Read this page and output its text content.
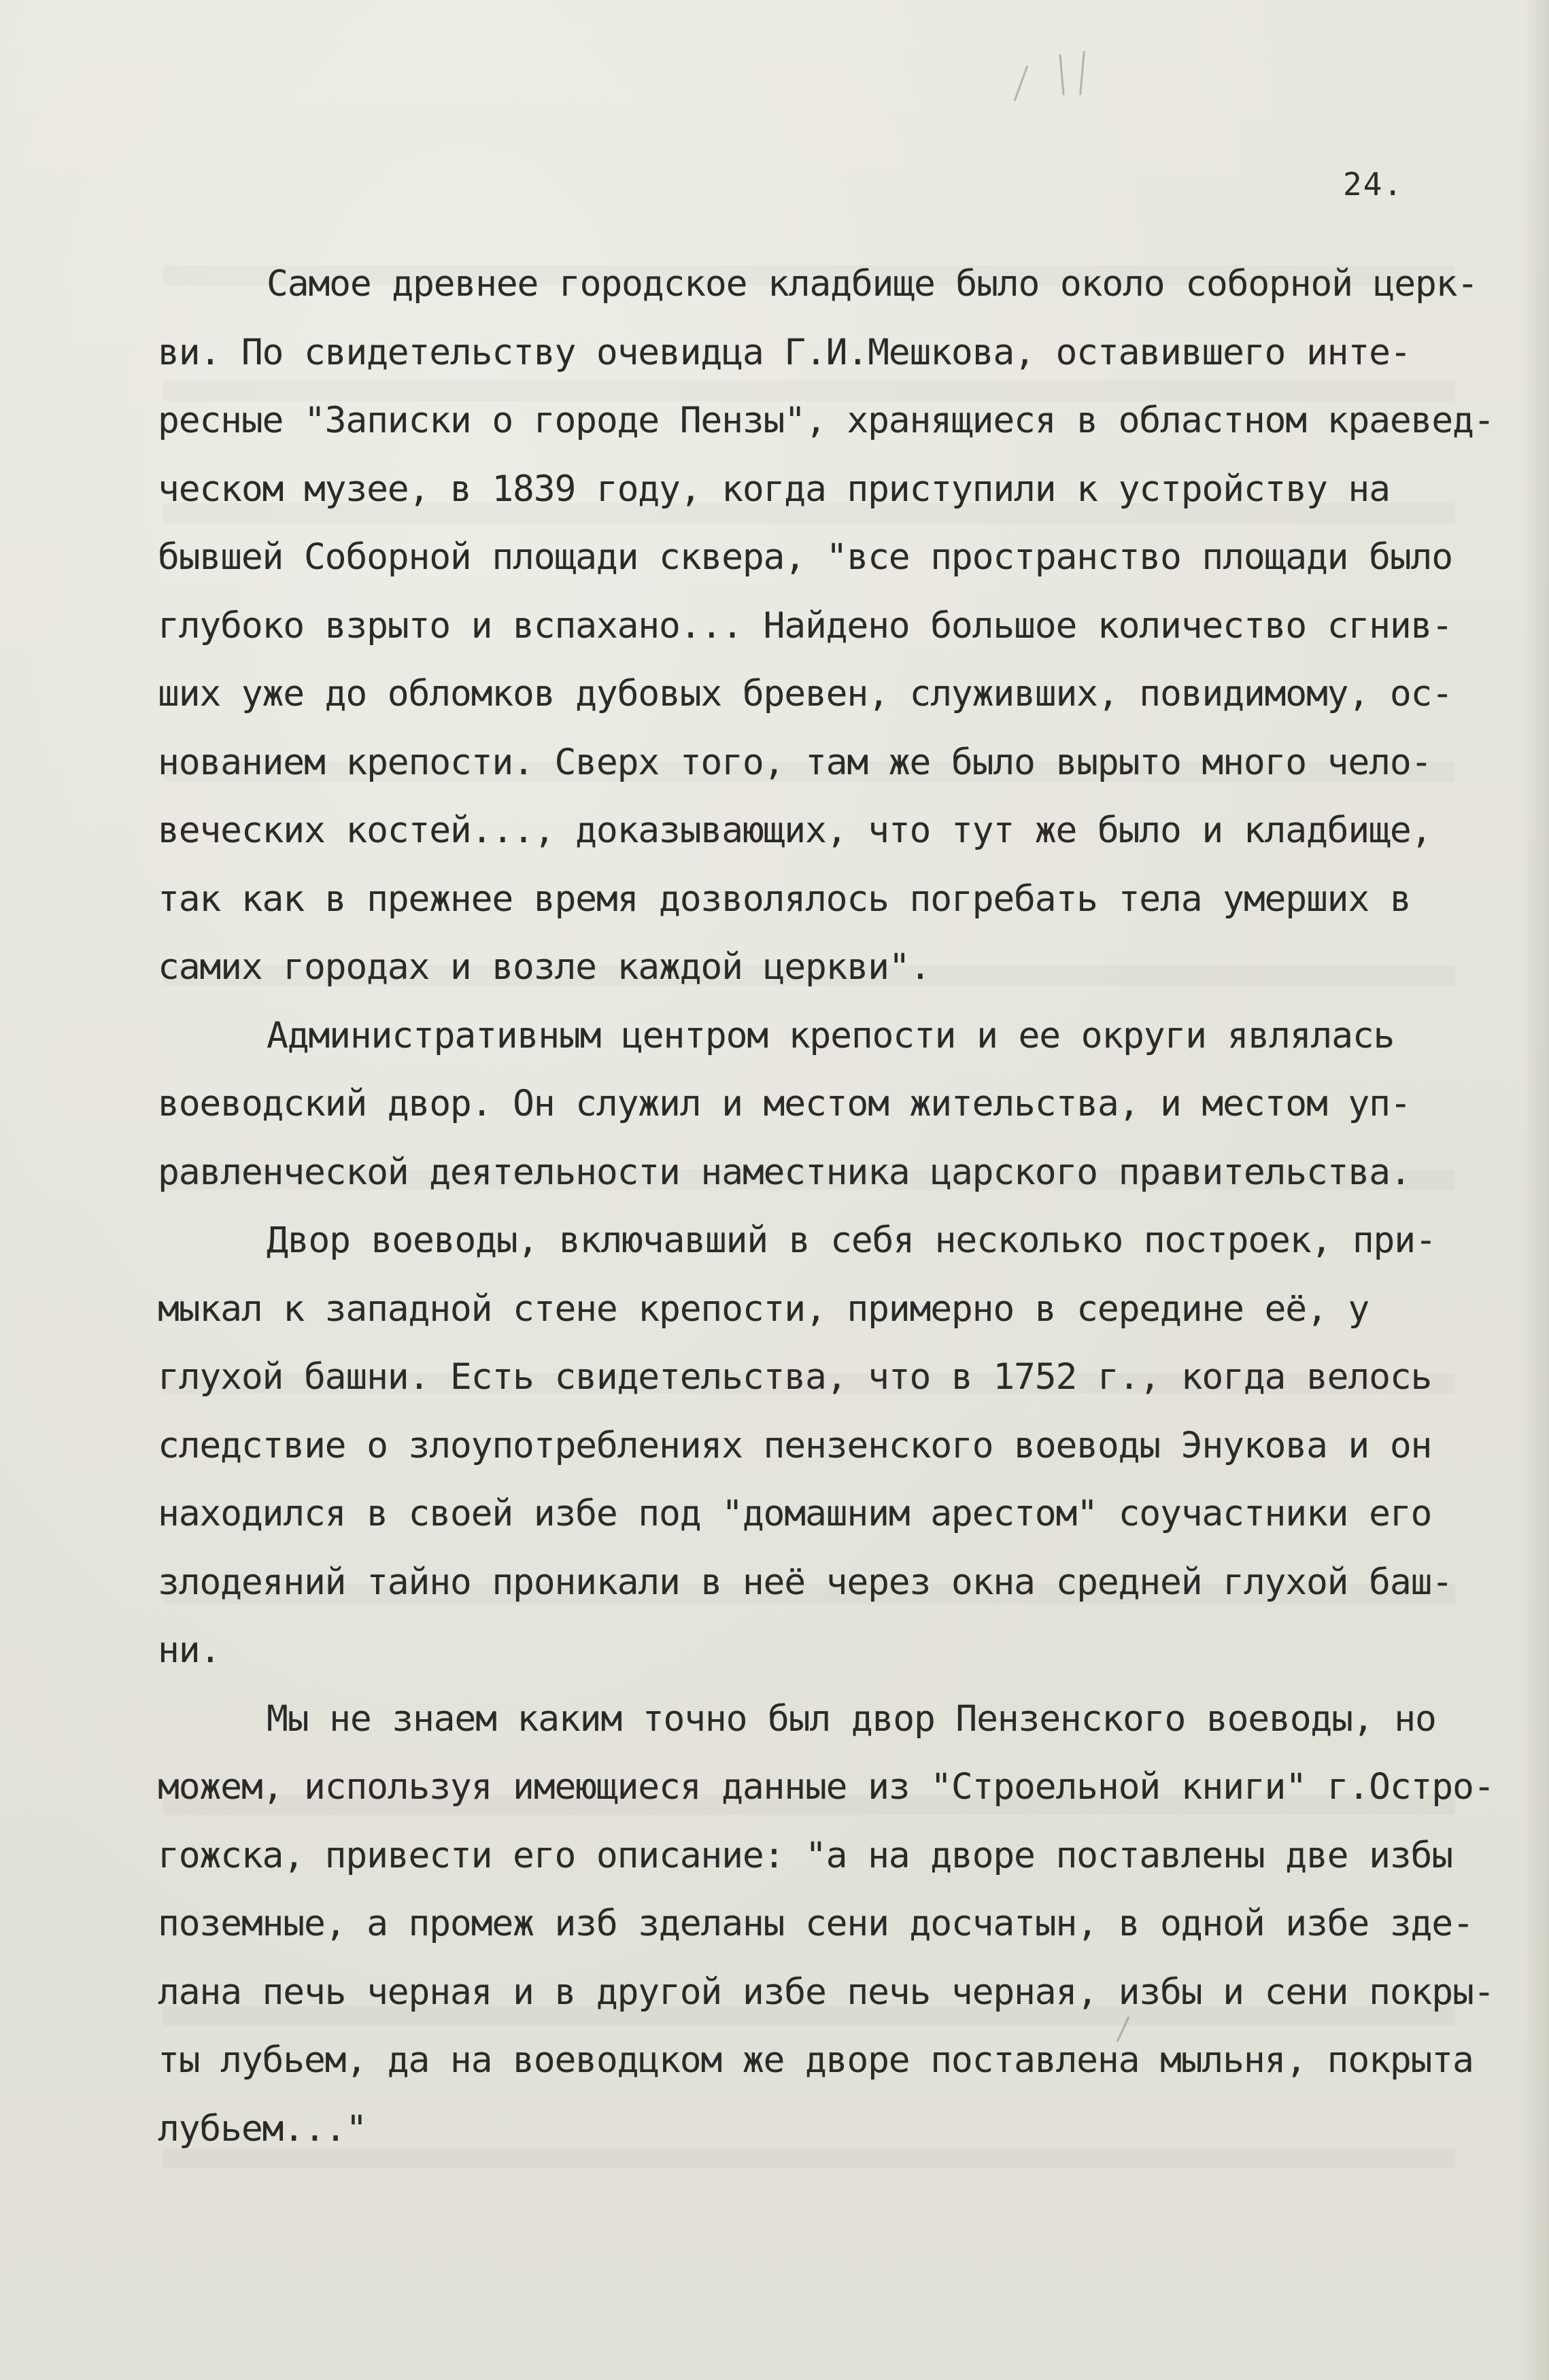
24.
Самое древнее городское кладбище было около соборной церк-
ви. По свидетельству очевидца Г.И.Мешкова, оставившего инте-
ресные "Записки о городе Пензы", хранящиеся в областном краевед-
ческом музее, в 1839 году, когда приступили к устройству на
бывшей Соборной площади сквера, "все пространство площади было
глубоко взрыто и вспахано... Найдено большое количество сгнив-
ших уже до обломков дубовых бревен, служивших, повидимому, ос-
нованием крепости. Сверх того, там же было вырыто много чело-
веческих костей..., доказывающих, что тут же было и кладбище,
так как в прежнее время дозволялось погребать тела умерших в
самих городах и возле каждой церкви".
Административным центром крепости и ее округи являлась
воеводский двор. Он служил и местом жительства, и местом уп-
равленческой деятельности наместника царского правительства.
Двор воеводы, включавший в себя несколько построек, при-
мыкал к западной стене крепости, примерно в середине её, у
глухой башни. Есть свидетельства, что в 1752 г., когда велось
следствие о злоупотреблениях пензенского воеводы Энукова и он
находился в своей избе под "домашним арестом" соучастники его
злодеяний тайно проникали в неё через окна средней глухой баш-
ни.
Мы не знаем каким точно был двор Пензенского воеводы, но
можем, используя имеющиеся данные из "Строельной книги" г.Остро-
гожска, привести его описание: "а на дворе поставлены две избы
поземные, а промеж изб зделаны сени досчатын, в одной избе зде-
лана печь черная и в другой избе печь черная, избы и сени покры-
ты лубьем, да на воеводцком же дворе поставлена мыльня, покрыта
лубьем..."
